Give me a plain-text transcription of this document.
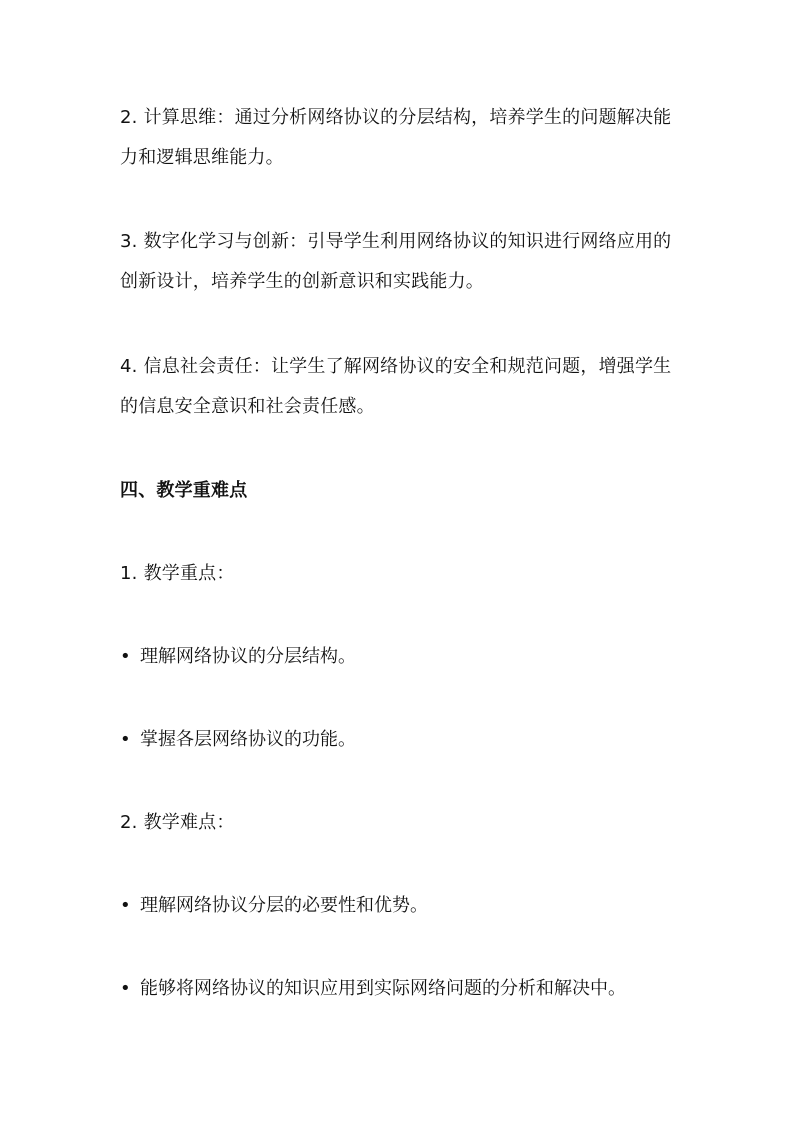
2. 计算思维：通过分析网络协议的分层结构，培养学生的问题解决能力和逻辑思维能力。
3. 数字化学习与创新：引导学生利用网络协议的知识进行网络应用的创新设计，培养学生的创新意识和实践能力。
4. 信息社会责任：让学生了解网络协议的安全和规范问题，增强学生的信息安全意识和社会责任感。
四、教学重难点
1. 教学重点：
• 理解网络协议的分层结构。
• 掌握各层网络协议的功能。
2. 教学难点：
• 理解网络协议分层的必要性和优势。
• 能够将网络协议的知识应用到实际网络问题的分析和解决中。
